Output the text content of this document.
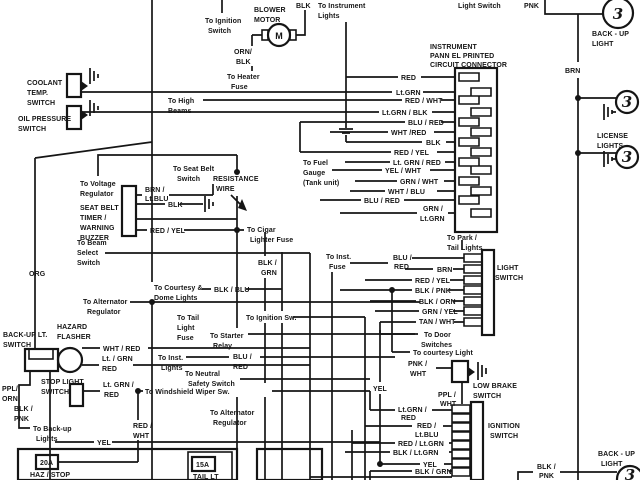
BLOWER
MOTOR
M
BLK To Instrument
Lights
Light Switch	PNK
BACK - UP
LIGHT
To Ignition
Switch
ORN/
BLK
To Heater
Fuse
COOLANT
TEMP.
SWITCH
OIL PRESSURE
SWITCH
To High
Beams
To Voltage
Regulator
SEAT BELT
TIMER /
WARNING
BUZZER
BRN /
Lt.BLU
BLK
RED / YEL
To Seat Belt
Switch RESISTANCE
WIRE
To Cigar
Lighter Fuse
To Beam
Select
Switch
ORG
To Courtesy &
Dome Lights
BLK / BLU
To Alternator
Regulator
HAZARD
FLASHER
WHT / RED
Lt. / GRN
RED
STOP LIGHT
SWITCH
Lt. GRN /
RED
BACK-UP LT.
SWITCH
PPL/
ORN
BLK /
PNK
To Back-up
Lights
YEL
RED /
WHT
INSTRUMENT
PANN EL PRINTED
CIRCUIT CONNECTOR
RED
Lt.GRN
RED / WHT
Lt.GRN / BLK
BLU / RED
WHT /RED
BLK
RED / YEL
Lt. GRN / RED
YEL / WHT
GRN / WHT
WHT / BLU
BLU / RED
GRN /
Lt.GRN
To Park /
Tail Lights
To Fuel
Gauge
(Tank unit)
To Inst.
Fuse
BLK /
GRN
To Ignition Sw.
BLU /
RED	BRN
RED / YEL
BLK / PNK
BLK / ORN
GRN / YEL
TAN / WHT
LIGHT
SWITCH
To Door
Switches
To courtesy Light
To Tail
Light
Fuse To Starter
Relay
To Inst.
Lights
BLU /
RED
To Neutral
Safety Switch
To Windshield Wiper Sw.
To Alternator
Regulator
20A
HAZ / STOP
15A
TAIL LT
PNK /
WHT
LOW BRAKE
SWITCH
PPL /
WHT
YEL
Lt.GRN /
RED
RED /
Lt.BLU
RED / Lt.GRN
BLK / Lt.GRN
YEL
BLK / GRN
IGNITION
SWITCH
BRN
LICENSE
LIGHTS
BACK - UP
LIGHT
BLK /
PNK
3
3
3
3
